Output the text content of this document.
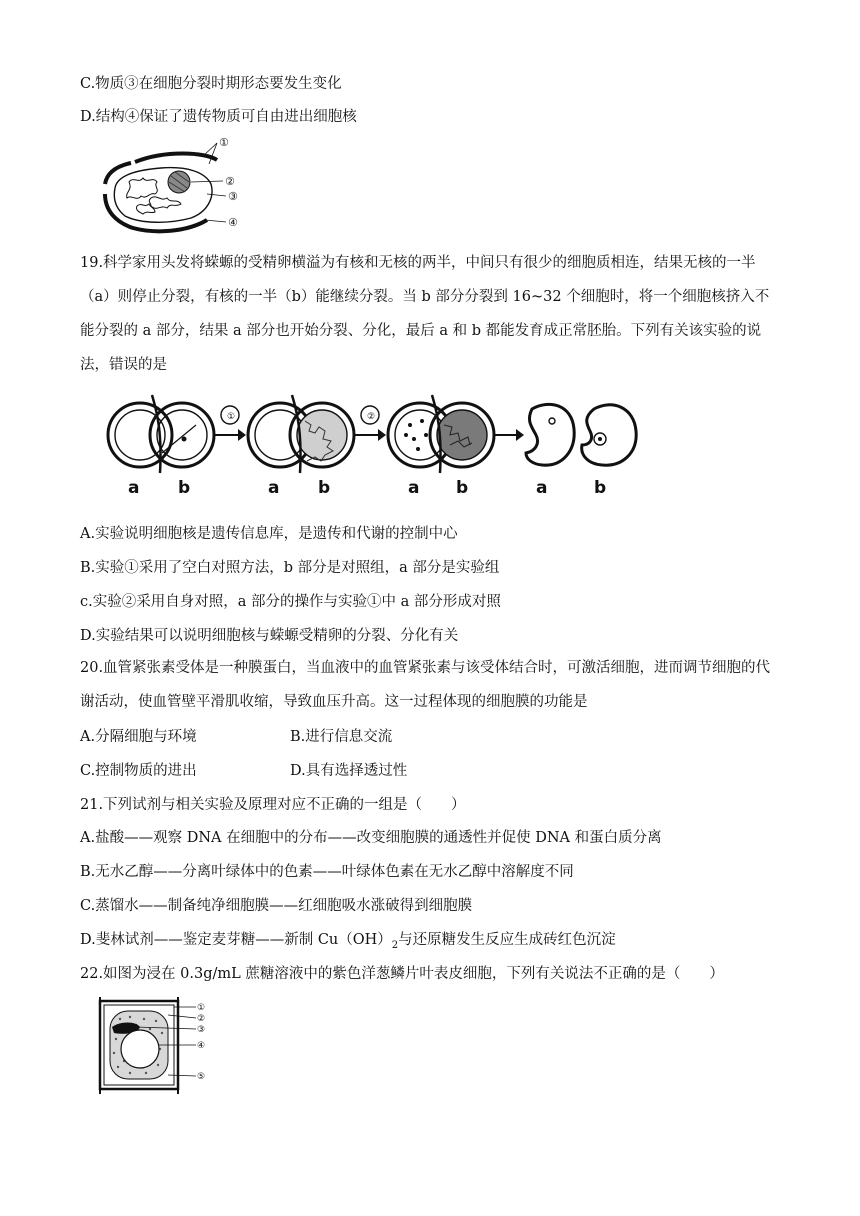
C.物质③在细胞分裂时期形态要发生变化
D.结构④保证了遗传物质可自由进出细胞核
①
②
③
④
19.科学家用头发将蝾螈的受精卵横溢为有核和无核的两半，中间只有很少的细胞质相连，结果无核的一半（a）则停止分裂，有核的一半（b）能继续分裂。当 b 部分分裂到 16~32 个细胞时，将一个细胞核挤入不能分裂的 a 部分，结果 a 部分也开始分裂、分化，最后 a 和 b 都能发育成正常胚胎。下列有关该实验的说法，错误的是
①	②
a b	a b	a b	a	b
A.实验说明细胞核是遗传信息库，是遗传和代谢的控制中心
B.实验①采用了空白对照方法，b 部分是对照组，a 部分是实验组
c.实验②采用自身对照，a 部分的操作与实验①中 a 部分形成对照
D.实验结果可以说明细胞核与蝾螈受精卵的分裂、分化有关
20.血管紧张素受体是一种膜蛋白，当血液中的血管紧张素与该受体结合时，可激活细胞，进而调节细胞的代谢活动，使血管壁平滑肌收缩，导致血压升高。这一过程体现的细胞膜的功能是
A.分隔细胞与环境	B.进行信息交流
C.控制物质的进出	D.具有选择透过性
21.下列试剂与相关实验及原理对应不正确的一组是（　　）
A.盐酸——观察 DNA 在细胞中的分布——改变细胞膜的通透性并促使 DNA 和蛋白质分离
B.无水乙醇——分离叶绿体中的色素——叶绿体色素在无水乙醇中溶解度不同
C.蒸馏水——制备纯净细胞膜——红细胞吸水涨破得到细胞膜
D.斐林试剂——鉴定麦芽糖——新制 $Cu(OH)_2$与还原糖发生反应生成砖红色沉淀
22.如图为浸在 0.3g/mL 蔗糖溶液中的紫色洋葱鳞片叶表皮细胞，下列有关说法不正确的是（　　）
①
②
③
④
⑤
